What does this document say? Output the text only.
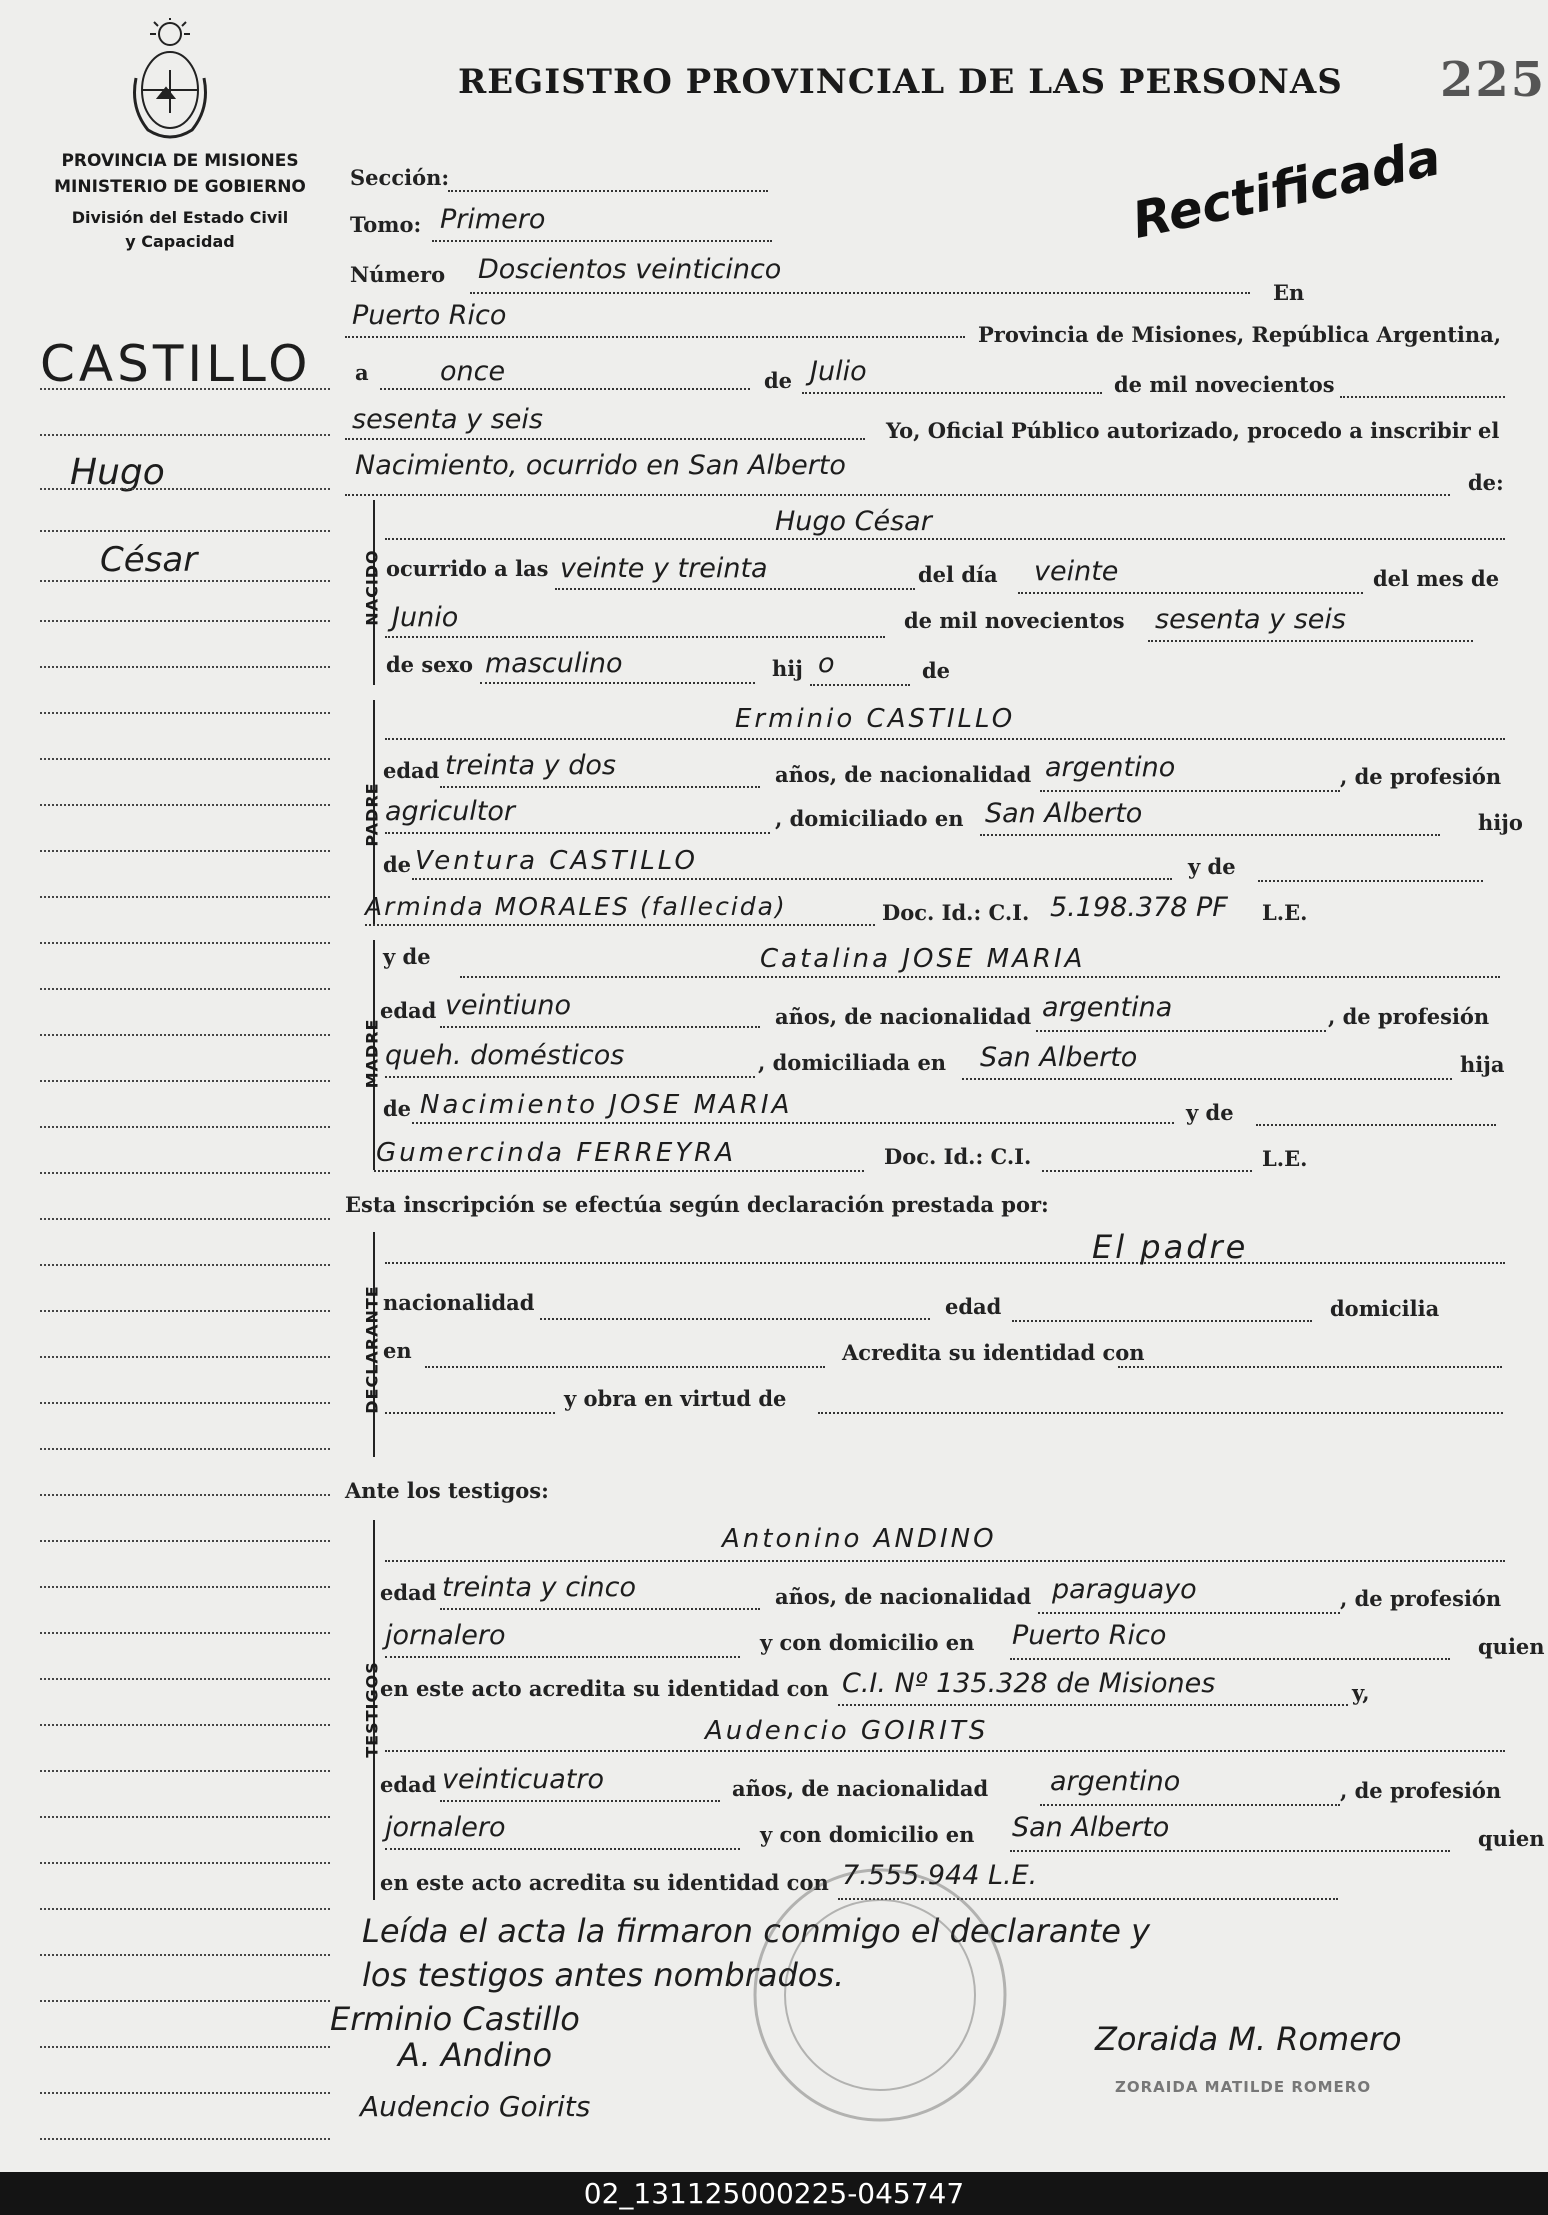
PROVINCIA DE MISIONES
MINISTERIO DE GOBIERNO
División del Estado Civil
y Capacidad
REGISTRO PROVINCIAL DE LAS PERSONAS 225
Rectificada
CASTILLO
Hugo
César
Sección:
Tomo: Primero
Número Doscientos veinticinco
En
Puerto Rico
Provincia de Misiones, República Argentina,
a	once	de Julio	de mil novecientos
sesenta y seis	Yo, Oficial Público autorizado, procedo a inscribir el
Nacimiento, ocurrido en San Alberto
de:
NACIDO
Hugo César
ocurrido a las veinte y treinta	del día veinte	del mes de
Junio	de mil novecientos sesenta y seis
de sexo masculino	hij o	de
PADRE
Erminio CASTILLO
edad treinta y dos	años, de nacionalidad argentino	, de profesión
agricultor	, domiciliado en San Alberto	hijo
de Ventura CASTILLO	y de
Arminda MORALES (fallecida)	Doc. Id.: C.I. 5.198.378 PF L.E.
MADRE
y de	Catalina JOSE MARIA
edad veintiuno	años, de nacionalidad argentina	, de profesión
queh. domésticos	, domiciliada en San Alberto	hija
de Nacimiento JOSE MARIA	y de
Gumercinda FERREYRA	Doc. Id.: C.I.	L.E.
Esta inscripción se efectúa según declaración prestada por:
DECLARANTE
El padre
nacionalidad	edad	domicilia
en	Acredita su identidad con
y obra en virtud de
Ante los testigos:
TESTIGOS
Antonino ANDINO
edad treinta y cinco	años, de nacionalidad paraguayo	, de profesión
jornalero	y con domicilio en Puerto Rico	quien
en este acto acredita su identidad con C.I. Nº 135.328 de Misiones	y,
Audencio GOIRITS
edad veinticuatro	años, de nacionalidad argentino	, de profesión
jornalero	y con domicilio en San Alberto	quien
en este acto acredita su identidad con 7.555.944 L.E.
Leída el acta la firmaron conmigo el declarante y
los testigos antes nombrados.
Erminio Castillo
A. Andino
Audencio Goirits
Zoraida M. Romero
ZORAIDA MATILDE ROMERO
02_131125000225-045747
